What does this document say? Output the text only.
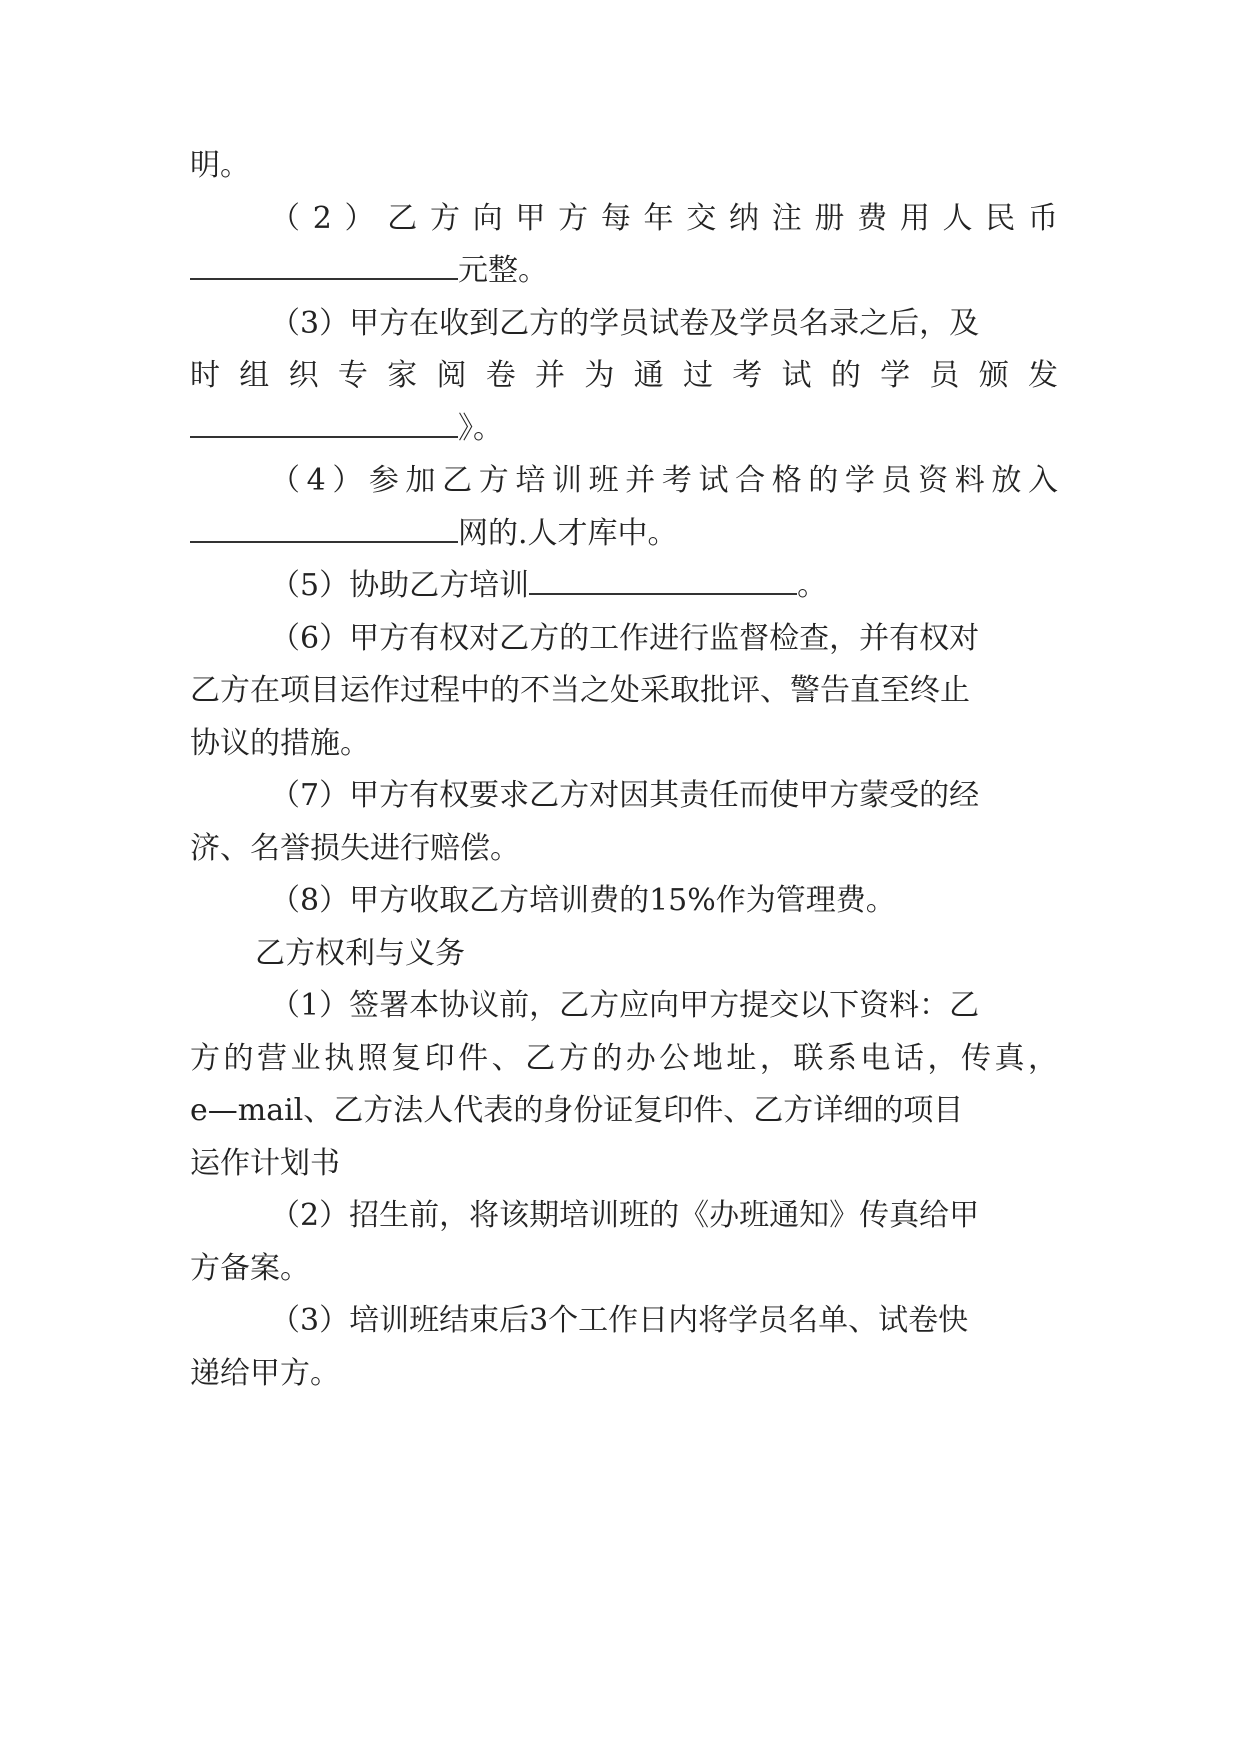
明。
（2）乙方向甲方每年交纳注册费用人民币
元整。
（3）甲方在收到乙方的学员试卷及学员名录之后，及
时组织专家阅卷并为通过考试的学员颁发
》。
（4）参加乙方培训班并考试合格的学员资料放入
网的.人才库中。
（5）协助乙方培训	。
（6）甲方有权对乙方的工作进行监督检查，并有权对
乙方在项目运作过程中的不当之处采取批评、警告直至终止
协议的措施。
（7）甲方有权要求乙方对因其责任而使甲方蒙受的经
济、名誉损失进行赔偿。
（8）甲方收取乙方培训费的15%作为管理费。
乙方权利与义务
（1）签署本协议前，乙方应向甲方提交以下资料：乙
方的营业执照复印件、乙方的办公地址，联系电话，传真，
e—mail、乙方法人代表的身份证复印件、乙方详细的项目
运作计划书
（2）招生前，将该期培训班的《办班通知》传真给甲
方备案。
（3）培训班结束后3个工作日内将学员名单、试卷快
递给甲方。
